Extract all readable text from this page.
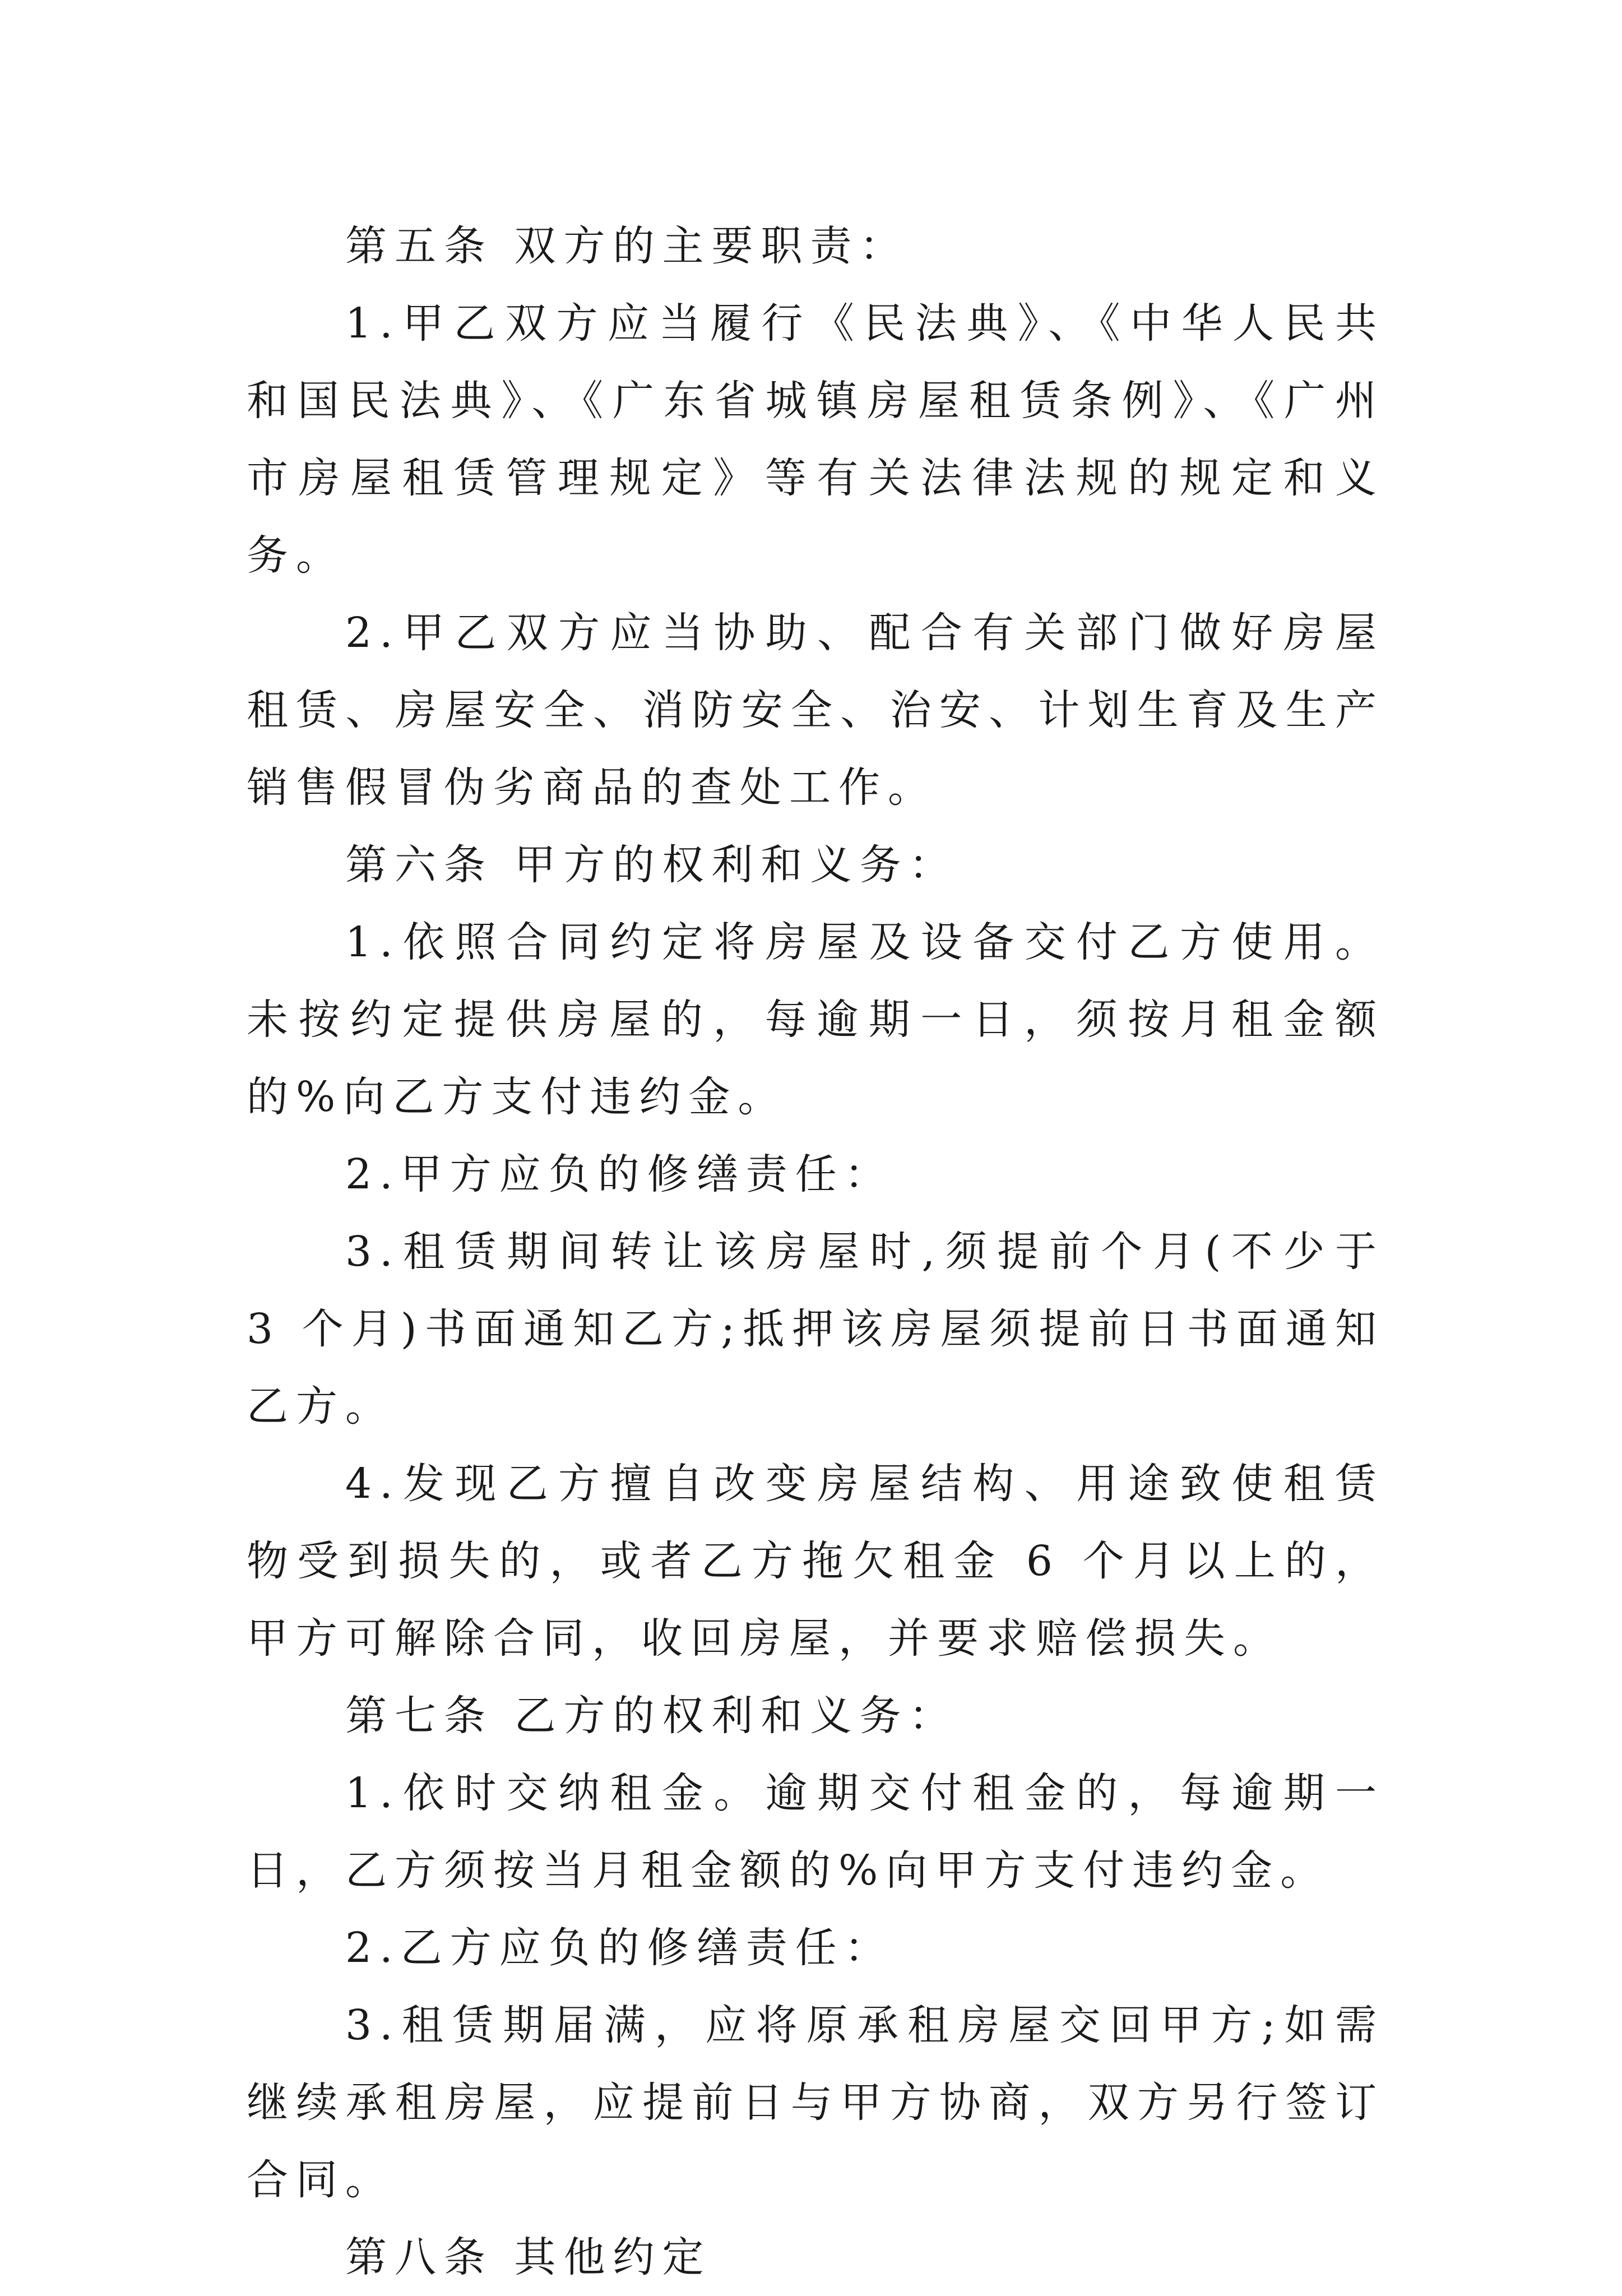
第五条 双方的主要职责：

1.甲乙双方应当履行《民法典》、《中华人民共和国民法典》、《广东省城镇房屋租赁条例》、《广州市房屋租赁管理规定》等有关法律法规的规定和义务。

2.甲乙双方应当协助、配合有关部门做好房屋租赁、房屋安全、消防安全、治安、计划生育及生产销售假冒伪劣商品的查处工作。

第六条 甲方的权利和义务：

1.依照合同约定将房屋及设备交付乙方使用。未按约定提供房屋的，每逾期一日，须按月租金额的%向乙方支付违约金。

2.甲方应负的修缮责任：

3.租赁期间转让该房屋时,须提前个月(不少于 3 个月)书面通知乙方;抵押该房屋须提前日书面通知乙方。

4.发现乙方擅自改变房屋结构、用途致使租赁物受到损失的，或者乙方拖欠租金 6 个月以上的，甲方可解除合同，收回房屋，并要求赔偿损失。

第七条 乙方的权利和义务：

1.依时交纳租金。逾期交付租金的，每逾期一日，乙方须按当月租金额的%向甲方支付违约金。

2.乙方应负的修缮责任：

3.租赁期届满，应将原承租房屋交回甲方;如需继续承租房屋，应提前日与甲方协商，双方另行签订合同。

第八条 其他约定
